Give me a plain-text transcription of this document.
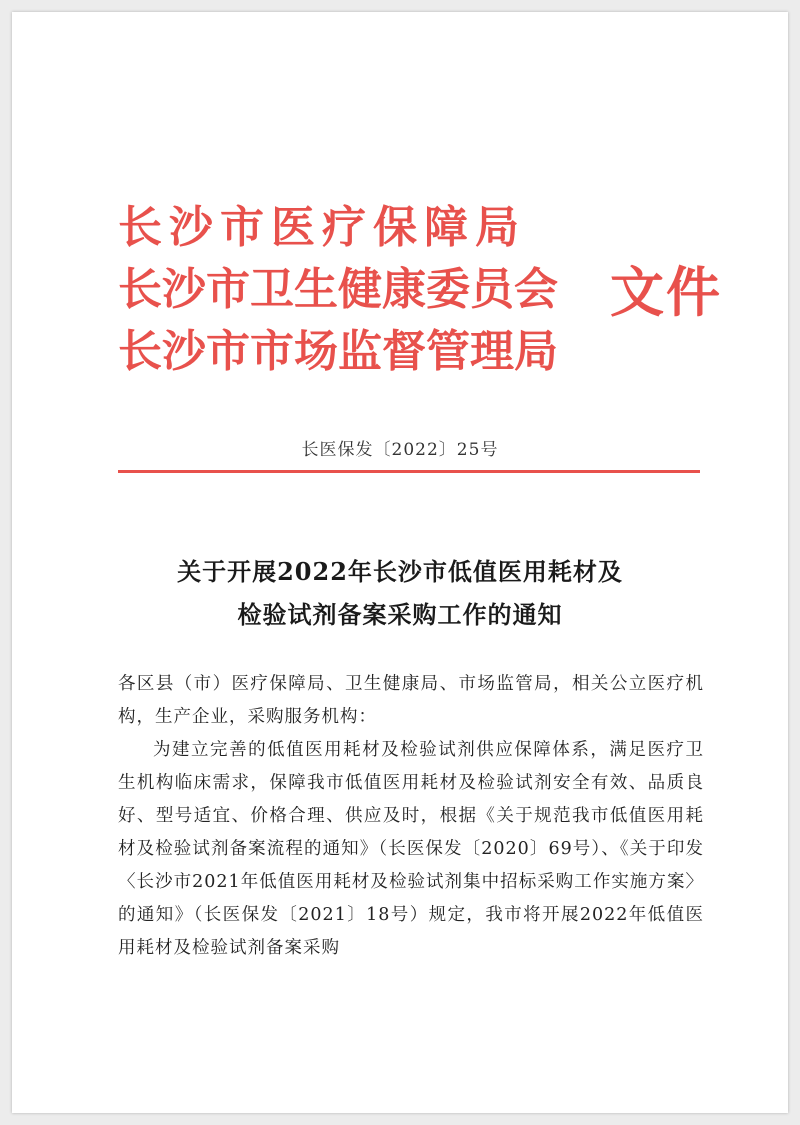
长沙市医疗保障局
长沙市卫生健康委员会
长沙市市场监督管理局
文件
长医保发〔2022〕25号
关于开展2022年长沙市低值医用耗材及
检验试剂备案采购工作的通知
各区县（市）医疗保障局、卫生健康局、市场监管局，相关公立医疗机构，生产企业，采购服务机构：
为建立完善的低值医用耗材及检验试剂供应保障体系，满足医疗卫生机构临床需求，保障我市低值医用耗材及检验试剂安全有效、品质良好、型号适宜、价格合理、供应及时，根据《关于规范我市低值医用耗材及检验试剂备案流程的通知》（长医保发〔2020〕69号）、《关于印发〈长沙市2021年低值医用耗材及检验试剂集中招标采购工作实施方案〉的通知》（长医保发〔2021〕18号）规定，我市将开展2022年低值医用耗材及检验试剂备案采购
